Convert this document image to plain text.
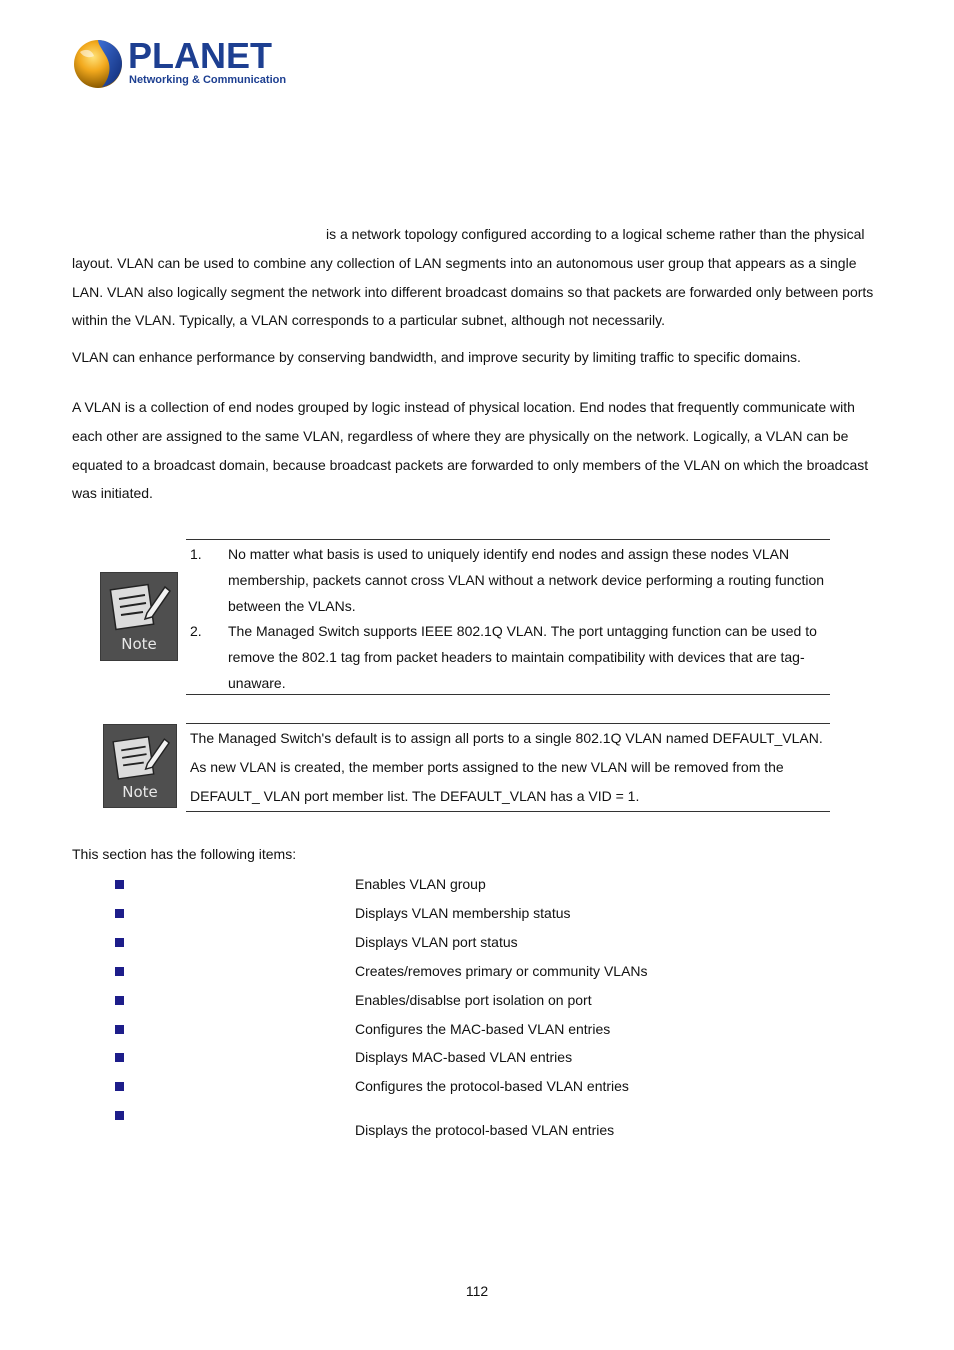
PLANET
Networking & Communication

is a network topology configured according to a logical scheme rather than the physical layout. VLAN can be used to combine any collection of LAN segments into an autonomous user group that appears as a single LAN. VLAN also logically segment the network into different broadcast domains so that packets are forwarded only between ports within the VLAN. Typically, a VLAN corresponds to a particular subnet, although not necessarily.

VLAN can enhance performance by conserving bandwidth, and improve security by limiting traffic to specific domains.

A VLAN is a collection of end nodes grouped by logic instead of physical location. End nodes that frequently communicate with each other are assigned to the same VLAN, regardless of where they are physically on the network. Logically, a VLAN can be equated to a broadcast domain, because broadcast packets are forwarded to only members of the VLAN on which the broadcast was initiated.

Note
1. No matter what basis is used to uniquely identify end nodes and assign these nodes VLAN membership, packets cannot cross VLAN without a network device performing a routing function between the VLANs.
2. The Managed Switch supports IEEE 802.1Q VLAN. The port untagging function can be used to remove the 802.1 tag from packet headers to maintain compatibility with devices that are tag-unaware.
Note

The Managed Switch's default is to assign all ports to a single 802.1Q VLAN named DEFAULT_VLAN. As new VLAN is created, the member ports assigned to the new VLAN will be removed from the DEFAULT_ VLAN port member list. The DEFAULT_VLAN has a VID = 1.

This section has the following items:

Enables VLAN group
Displays VLAN membership status
Displays VLAN port status
Creates/removes primary or community VLANs
Enables/disablse port isolation on port
Configures the MAC-based VLAN entries
Displays MAC-based VLAN entries
Configures the protocol-based VLAN entries
Displays the protocol-based VLAN entries
112
